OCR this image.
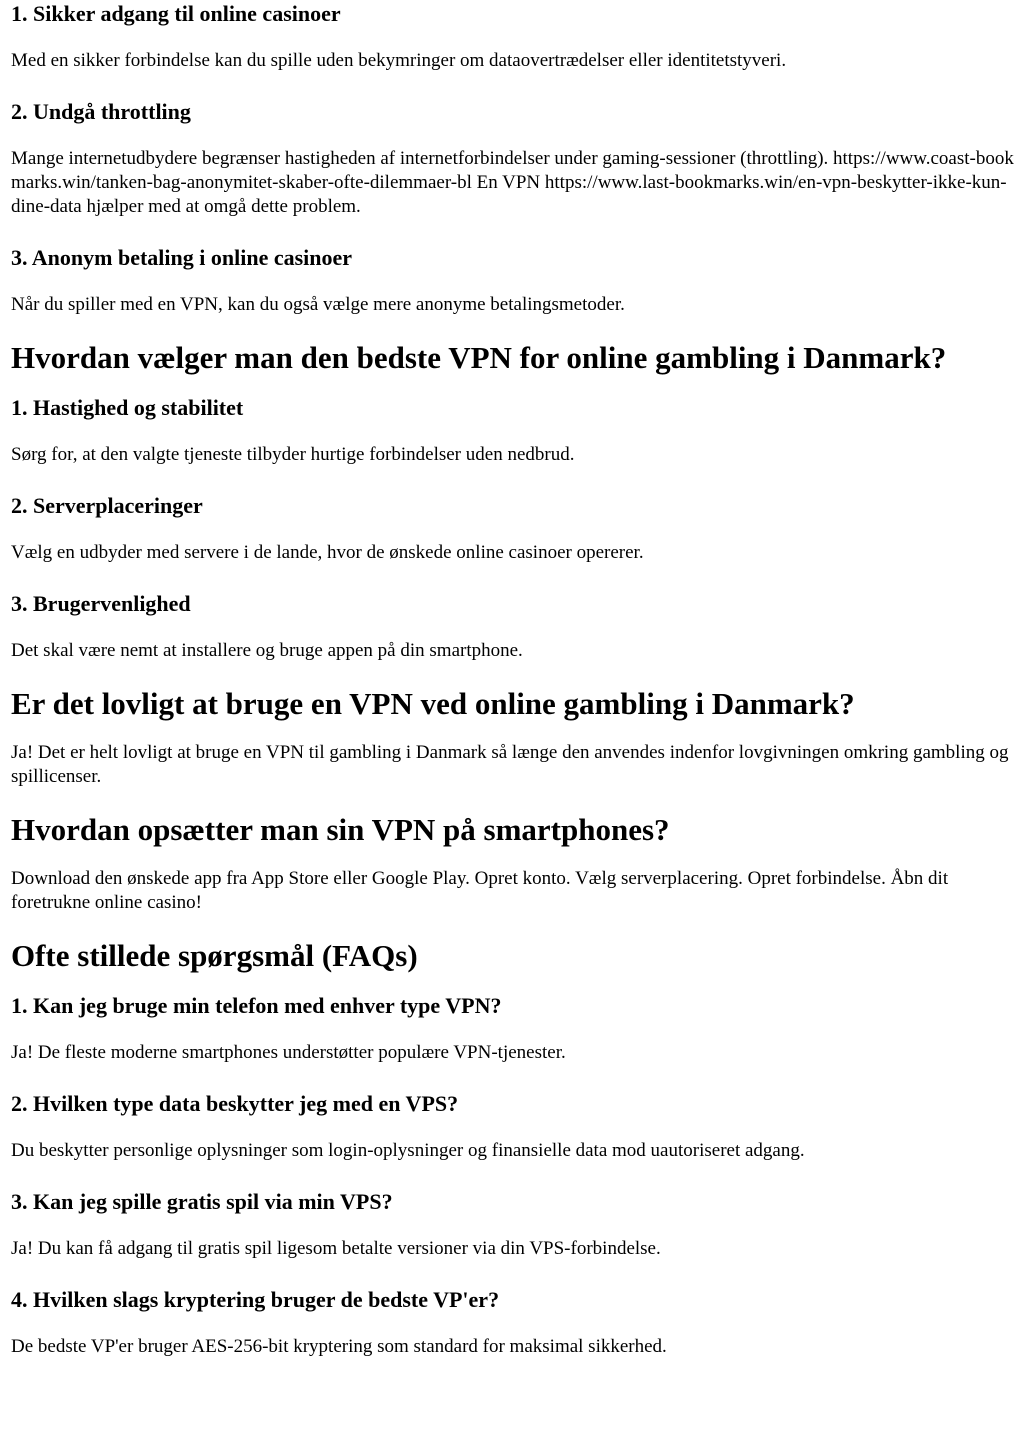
1. Sikker adgang til online casinoer

Med en sikker forbindelse kan du spille uden bekymringer om dataovertrædelser eller identitetstyveri.

2. Undgå throttling

Mange internetudbydere begrænser hastigheden af internetforbindelser under gaming-sessioner (throttling). https://www.coast-bookmarks.win/tanken-bag-anonymitet-skaber-ofte-dilemmaer-bl En VPN https://www.last-bookmarks.win/en-vpn-beskytter-ikke-kun-dine-data hjælper med at omgå dette problem.

3. Anonym betaling i online casinoer

Når du spiller med en VPN, kan du også vælge mere anonyme betalingsmetoder.

Hvordan vælger man den bedste VPN for online gambling i Danmark?
1. Hastighed og stabilitet

Sørg for, at den valgte tjeneste tilbyder hurtige forbindelser uden nedbrud.

2. Serverplaceringer

Vælg en udbyder med servere i de lande, hvor de ønskede online casinoer opererer.

3. Brugervenlighed

Det skal være nemt at installere og bruge appen på din smartphone.

Er det lovligt at bruge en VPN ved online gambling i Danmark?

Ja! Det er helt lovligt at bruge en VPN til gambling i Danmark så længe den anvendes indenfor lovgivningen omkring gambling og spillicenser.

Hvordan opsætter man sin VPN på smartphones?

Download den ønskede app fra App Store eller Google Play. Opret konto. Vælg serverplacering. Opret forbindelse. Åbn dit foretrukne online casino!

Ofte stillede spørgsmål (FAQs)
1. Kan jeg bruge min telefon med enhver type VPN?

Ja! De fleste moderne smartphones understøtter populære VPN-tjenester.

2. Hvilken type data beskytter jeg med en VPS?

Du beskytter personlige oplysninger som login-oplysninger og finansielle data mod uautoriseret adgang.

3. Kan jeg spille gratis spil via min VPS?

Ja! Du kan få adgang til gratis spil ligesom betalte versioner via din VPS-forbindelse.

4. Hvilken slags kryptering bruger de bedste VP'er?

De bedste VP'er bruger AES-256-bit kryptering som standard for maksimal sikkerhed.
